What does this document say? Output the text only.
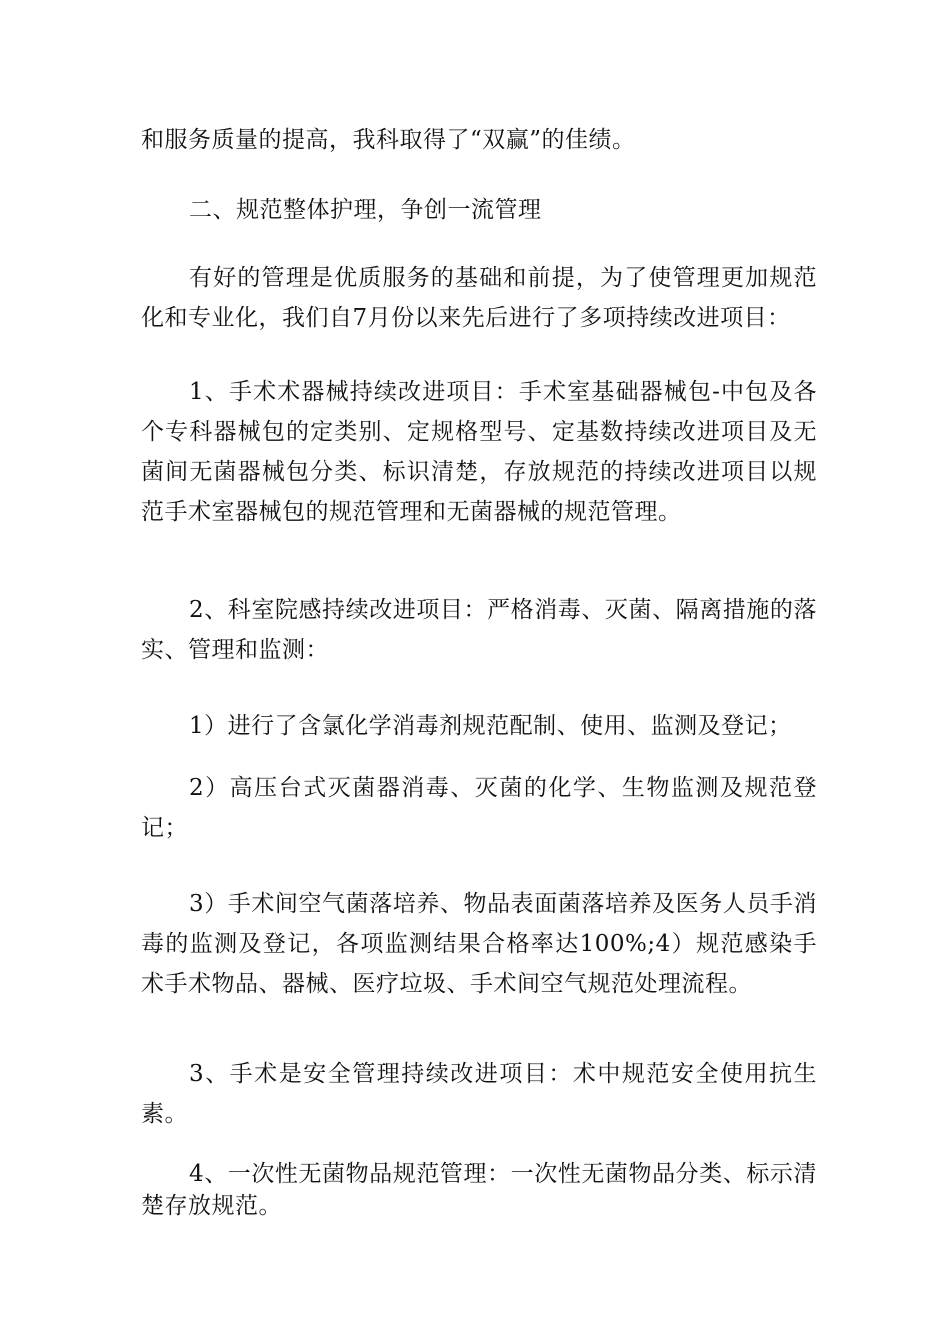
和服务质量的提高，我科取得了“双赢”的佳绩。

二、规范整体护理，争创一流管理

有好的管理是优质服务的基础和前提，为了使管理更加规范化和专业化，我们自7月份以来先后进行了多项持续改进项目：

1、手术术器械持续改进项目：手术室基础器械包-中包及各个专科器械包的定类别、定规格型号、定基数持续改进项目及无菌间无菌器械包分类、标识清楚，存放规范的持续改进项目以规范手术室器械包的规范管理和无菌器械的规范管理。

2、科室院感持续改进项目：严格消毒、灭菌、隔离措施的落实、管理和监测：

1）进行了含氯化学消毒剂规范配制、使用、监测及登记；

2）高压台式灭菌器消毒、灭菌的化学、生物监测及规范登记；

3）手术间空气菌落培养、物品表面菌落培养及医务人员手消毒的监测及登记，各项监测结果合格率达100%;4）规范感染手术手术物品、器械、医疗垃圾、手术间空气规范处理流程。

3、手术是安全管理持续改进项目：术中规范安全使用抗生素。

4、一次性无菌物品规范管理：一次性无菌物品分类、标示清楚存放规范。
